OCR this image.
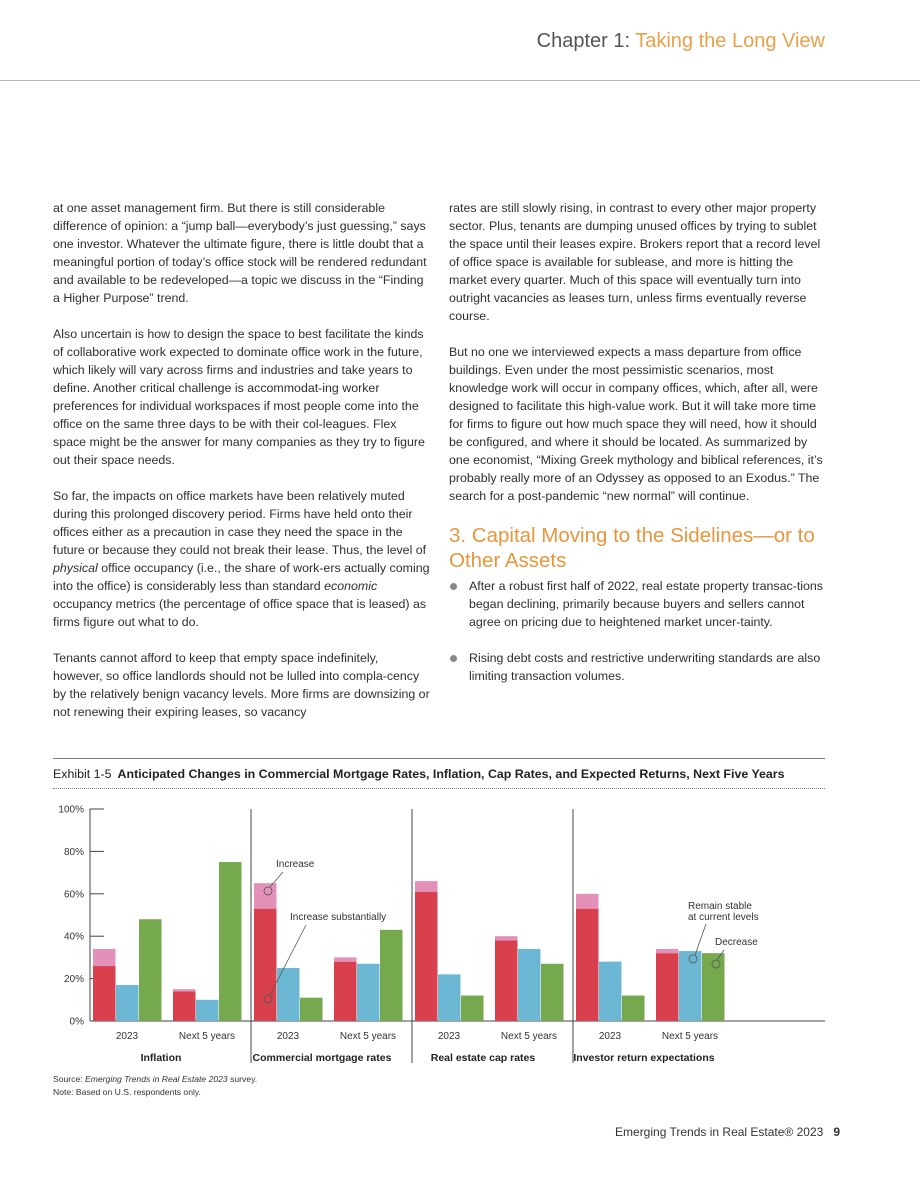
Chapter 1: Taking the Long View

at one asset management firm. But there is still considerable difference of opinion: a “jump ball—everybody’s just guessing,” says one investor. Whatever the ultimate figure, there is little doubt that a meaningful portion of today’s office stock will be rendered redundant and available to be redeveloped—a topic we discuss in the “Finding a Higher Purpose” trend.

Also uncertain is how to design the space to best facilitate the kinds of collaborative work expected to dominate office work in the future, which likely will vary across firms and industries and take years to define. Another critical challenge is accommodat-ing worker preferences for individual workspaces if most people come into the office on the same three days to be with their col-leagues. Flex space might be the answer for many companies as they try to figure out their space needs.

So far, the impacts on office markets have been relatively muted during this prolonged discovery period. Firms have held onto their offices either as a precaution in case they need the space in the future or because they could not break their lease. Thus, the level of physical office occupancy (i.e., the share of work-ers actually coming into the office) is considerably less than standard economic occupancy metrics (the percentage of office space that is leased) as firms figure out what to do.

Tenants cannot afford to keep that empty space indefinitely, however, so office landlords should not be lulled into compla-cency by the relatively benign vacancy levels. More firms are downsizing or not renewing their expiring leases, so vacancy

rates are still slowly rising, in contrast to every other major property sector. Plus, tenants are dumping unused offices by trying to sublet the space until their leases expire. Brokers report that a record level of office space is available for sublease, and more is hitting the market every quarter. Much of this space will eventually turn into outright vacancies as leases turn, unless firms eventually reverse course.

But no one we interviewed expects a mass departure from office buildings. Even under the most pessimistic scenarios, most knowledge work will occur in company offices, which, after all, were designed to facilitate this high-value work. But it will take more time for firms to figure out how much space they will need, how it should be configured, and where it should be located. As summarized by one economist, “Mixing Greek mythology and biblical references, it’s probably really more of an Odyssey as opposed to an Exodus.” The search for a post-pandemic “new normal” will continue.

3. Capital Moving to the Sidelines—or to Other Assets
After a robust first half of 2022, real estate property transac-tions began declining, primarily because buyers and sellers cannot agree on pricing due to heightened market uncer-tainty.
Rising debt costs and restrictive underwriting standards are also limiting transaction volumes.
Exhibit 1-5 Anticipated Changes in Commercial Mortgage Rates, Inflation, Cap Rates, and Expected Returns, Next Five Years
0%
20%
40%
60%
80%
100%
2023	Next 5 years
Inflation
2023	Next 5 years
Commercial mortgage rates
2023	Next 5 years
Real estate cap rates
2023	Next 5 years
Investor return expectations
Increase
Increase substantially
Remain stable
at current levels
Decrease
Source: Emerging Trends in Real Estate 2023 survey.
Note: Based on U.S. respondents only.
Emerging Trends in Real Estate® 2023 9
